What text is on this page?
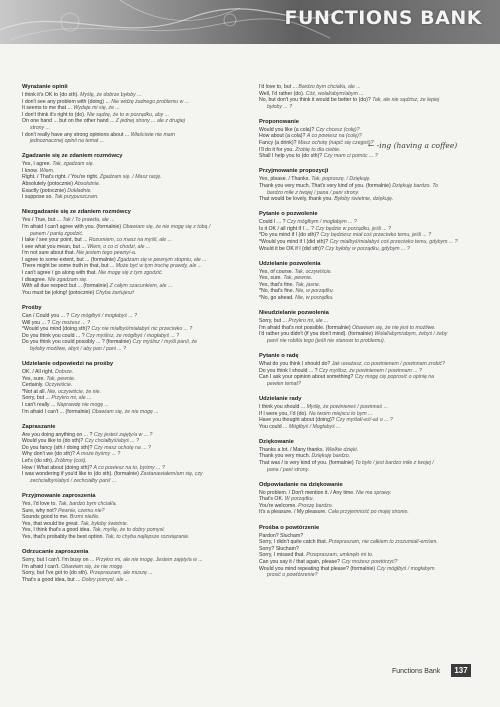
FUNCTIONS BANK
Wyrażanie opinii
I think it's OK to (do sth). Myślę, że dobrze byłoby ...
I don't see any problem with (doing) ... Nie widzę żadnego problemu w ...
It seems to me that ... Wydaje mi się, że ...
I don't think it's right to (do). Nie sądzę, że to w porządku, aby ...
On one hand ... but on the other hand ... Z jednej strony ... ale z drugiej
strony ...
I don't really have any strong opinions about ... Właściwie nie mam
jednoznacznej opinii na temat ...
Zgadzanie się ze zdaniem rozmówcy
Yes, I agree. Tak, zgadzam się.
I know. Wiem.
Right. / That's right. / You're right. Zgadzam się. / Masz rację.
Absolutely (potocznie) Absolutnie.
Exactly (potocznie) Dokładnie.
I suppose so. Tak przypuszczam.
Niezgadzanie się ze zdaniem rozmówcy
Yes / True, but ... Tak / To prawda, ale ...
I'm afraid I can't agree with you. (formalnie) Obawiam się, że nie mogę się z tobą /
panem / panią zgodzić.
I take / see your point, but ... Rozumiem, co masz na myśli, ale ...
I see what you mean, but ... Wiem, o co ci chodzi, ale ...
I'm not sure about that. Nie jestem tego pewny/-a.
I agree to some extent, but ... (formalnie) Zgadzam się w pewnym stopniu, ale ...
There might be some truth in that, but ... Może być w tym trochę prawdy, ale ...
I can't agree / go along with that. Nie mogę się z tym zgodzić.
I disagree. Nie zgadzam się.
With all due respect but ... (formalnie) Z całym szacunkiem, ale ...
You must be joking! (potocznie) Chyba żartujesz!
Prośby
Can / Could you ... ? Czy mógłbyś / mogłabyś ... ?
Will you ... ? Czy możesz ... ?
*Would you mind (doing sth)? Czy nie miałbyś/miałabyś nic przeciwko ... ?
Do you think you could ... ? Czy myślisz, że mógłbyś / mogłabyś ... ?
Do you think you could possibly ... ? (formalnie) Czy myślisz / myśli pan/i, że
byłoby możliwe, abyś / aby pan / pani ... ?
Udzielanie odpowiedzi na prośby
OK. / All right. Dobrze.
Yes, sure. Tak, pewnie.
Certainly. Oczywiście.
*Not at all. Nie, oczywiście, że nie.
Sorry, but ... Przykro mi, ale ...
I can't really ... Naprawdę nie mogę ...
I'm afraid I can't ... (formalnie) Obawiam się, że nie mogę ...
Zapraszanie
Are you doing anything on ... ? Czy jesteś zajęty/a w ... ?
Would you like to (do sth)? Czy chciałbyś/abyś ... ?
Do you fancy (sth / doing sth)? Czy masz ochotę na ... ?
Why don't we (do sth)? A może byśmy ... ?
Let's (do sth). Zróbmy (coś).
How / What about (doing sth)? A co powiesz na to, byśmy ... ?
I was wondering if you'd like to (do sth). (formalnie) Zastanawiałem/am się, czy
zechciałbyś/abyś / zechciałby pan/i ...
Przyjmowanie zaproszenia
Yes, I'd love to. Tak, bardzo bym chciał/a.
Sure, why not? Pewnie, czemu nie?
Sounds good to me. Brzmi nieźle.
Yes, that would be great. Tak, byłoby świetnie.
Yes, I think that's a good idea. Tak, myślę, że to dobry pomysł.
Yes, that's probably the best option. Tak, to chyba najlepsze rozwiązanie.
Odrzucanie zaproszenia
Sorry, but I can't. I'm busy on ... Przykro mi, ale nie mogę. Jestem zajęty/a w ...
I'm afraid I can't. Obawiam się, że nie mogę.
Sorry, but I've got to (do sth). Przepraszam, ale muszę ...
That's a good idea, but ... Dobry pomysł, ale ...
I'd love to, but ... Bardzo bym chciał/a, ale ...
Well, I'd rather (do). Cóż, wolał/abym/abym ...
No, but don't you think it would be better to (do)? Tak, ale nie sądzisz, że lepiej
byłoby ... ?
Proponowanie
Would you like (a cola)? Czy chcesz (colę)?
How about (a cola)? A co powiesz na (colę)?
Fancy (a drink)? Masz ochotę (napić się czegoś)?
I'll do it for you. Zrobię to dla ciebie.
Shall I help you to (do sth)? Czy mam ci pomóc ... ?
Przyjmowanie propozycji
Yes, please. / Thanks. Tak, poproszę. / Dziękuję.
Thank you very much. That's very kind of you. (formalnie) Dziękuję bardzo. To
bardzo miłe z twojej / pana / pani strony.
That would be lovely, thank you. Byłoby świetnie, dziękuję.
Pytanie o pozwolenie
Could I ... ? Czy mógłbym / mogłabym ... ?
Is it OK / all right if I ... ? Czy będzie w porządku, jeśli ... ?
*Do you mind if I (do sth)? Czy będziesz miał coś przeciwko temu, jeśli ... ?
*Would you mind if I (did sth)? Czy miałbyś/miałabyś coś przeciwko temu, gdybym ... ?
Would it be OK if I (did sth)? Czy byłoby w porządku, gdybym ... ?
Udzielanie pozwolenia
Yes, of course. Tak, oczywiście.
Yes, sure. Tak, pewnie.
Yes, that's fine. Tak, jasne.
*No, that's fine. Nie, w porządku.
*No, go ahead. Nie, w porządku.
Nieudzielanie pozwolenia
Sorry, but ... Przykro mi, ale ...
I'm afraid that's not possible. (formalnie) Obawiam się, że nie jest to możliwe.
I'd rather you didn't (if you don't mind). (formalnie) Wolał/abym/abym, żebyś / żeby
pan/i nie robił/a tego (jeśli nie stanowi to problemu).
Pytanie o radę
What do you think I should do? Jak uważasz, co powinienem / powinnam zrobić?
Do you think I should ... ? Czy myślisz, że powinienem / powinnam ... ?
Can I ask your opinion about something? Czy mogę cię poprosić o opinię na
pewien temat?
Udzielanie rady
I think you should ... Myślę, że powinieneś / powinnaś ...
If I were you, I'd (do). Na twoim miejscu to bym ...
Have you thought about (doing)? Czy myślał/-eś/-aś o ... ?
You could ... Mógłbyś / Mogłabyś ...
Dziękowanie
Thanks a lot. / Many thanks. Wielkie dzięki.
Thank you very much. Dziękuję bardzo.
That was / is very kind of you. (formalnie) To było / jest bardzo miłe z twojej /
pana / pani strony.
Odpowiadanie na dziękowanie
No problem. / Don't mention it. / Any time. Nie ma sprawy.
That's OK. W porządku.
You're welcome. Proszę bardzo.
It's a pleasure. / My pleasure. Cała przyjemność po mojej stronie.
Prośba o powtórzenie
Pardon? Slucham?
Sorry, I didn't quite catch that. Przepraszam, nie całkiem to zrozumiał/-em/am.
Sorry? Słucham?
Sorry, I missed that. Przepraszam, umknęło mi to.
Can you say it / that again, please? Czy możesz powtórzyć?
Would you mind repeating that please? (formalnie) Czy mógłbyś / mogłabym
prosić o powtórzenie?
← -ing (having a coffee)
Functions Bank	137
